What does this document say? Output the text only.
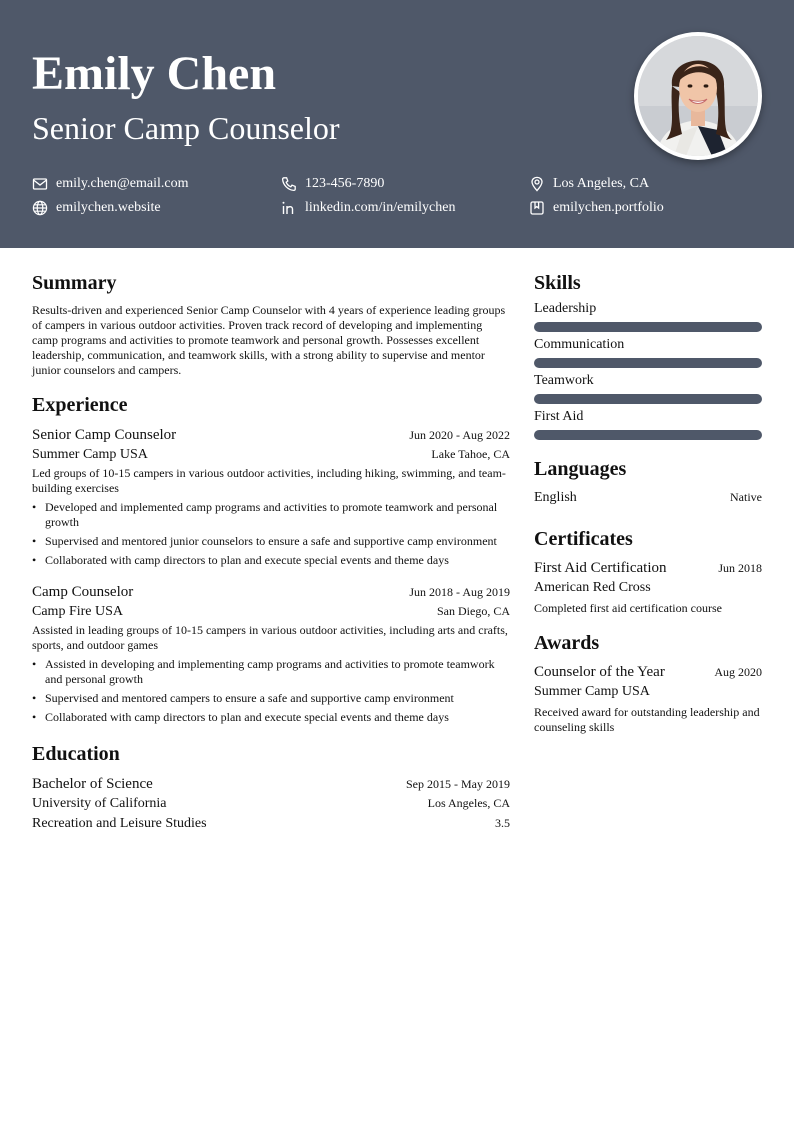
Emily Chen
Senior Camp Counselor
emily.chen@email.com	123-456-7890	Los Angeles, CA
emilychen.website	linkedin.com/in/emilychen	emilychen.portfolio
Summary

Results-driven and experienced Senior Camp Counselor with 4 years of experience leading groups of campers in various outdoor activities. Proven track record of developing and implementing camp programs and activities to promote teamwork and personal growth. Possesses excellent leadership, communication, and teamwork skills, with a strong ability to supervise and mentor junior counselors and campers.

Experience
Senior Camp Counselor	Jun 2020 - Aug 2022
Summer Camp USA	Lake Tahoe, CA

Led groups of 10-15 campers in various outdoor activities, including hiking, swimming, and team-building exercises

• Developed and implemented camp programs and activities to promote teamwork and personal growth
• Supervised and mentored junior counselors to ensure a safe and supportive camp environment
• Collaborated with camp directors to plan and execute special events and theme days
Camp Counselor	Jun 2018 - Aug 2019
Camp Fire USA	San Diego, CA

Assisted in leading groups of 10-15 campers in various outdoor activities, including arts and crafts, sports, and outdoor games

• Assisted in developing and implementing camp programs and activities to promote teamwork and personal growth
• Supervised and mentored campers to ensure a safe and supportive camp environment
• Collaborated with camp directors to plan and execute special events and theme days
Education
Bachelor of Science	Sep 2015 - May 2019
University of California	Los Angeles, CA
Recreation and Leisure Studies	3.5
Skills
Leadership
Communication
Teamwork
First Aid
Languages
English	Native
Certificates
First Aid Certification	Jun 2018
American Red Cross
Completed first aid certification course
Awards
Counselor of the Year	Aug 2020
Summer Camp USA
Received award for outstanding leadership and counseling skills
